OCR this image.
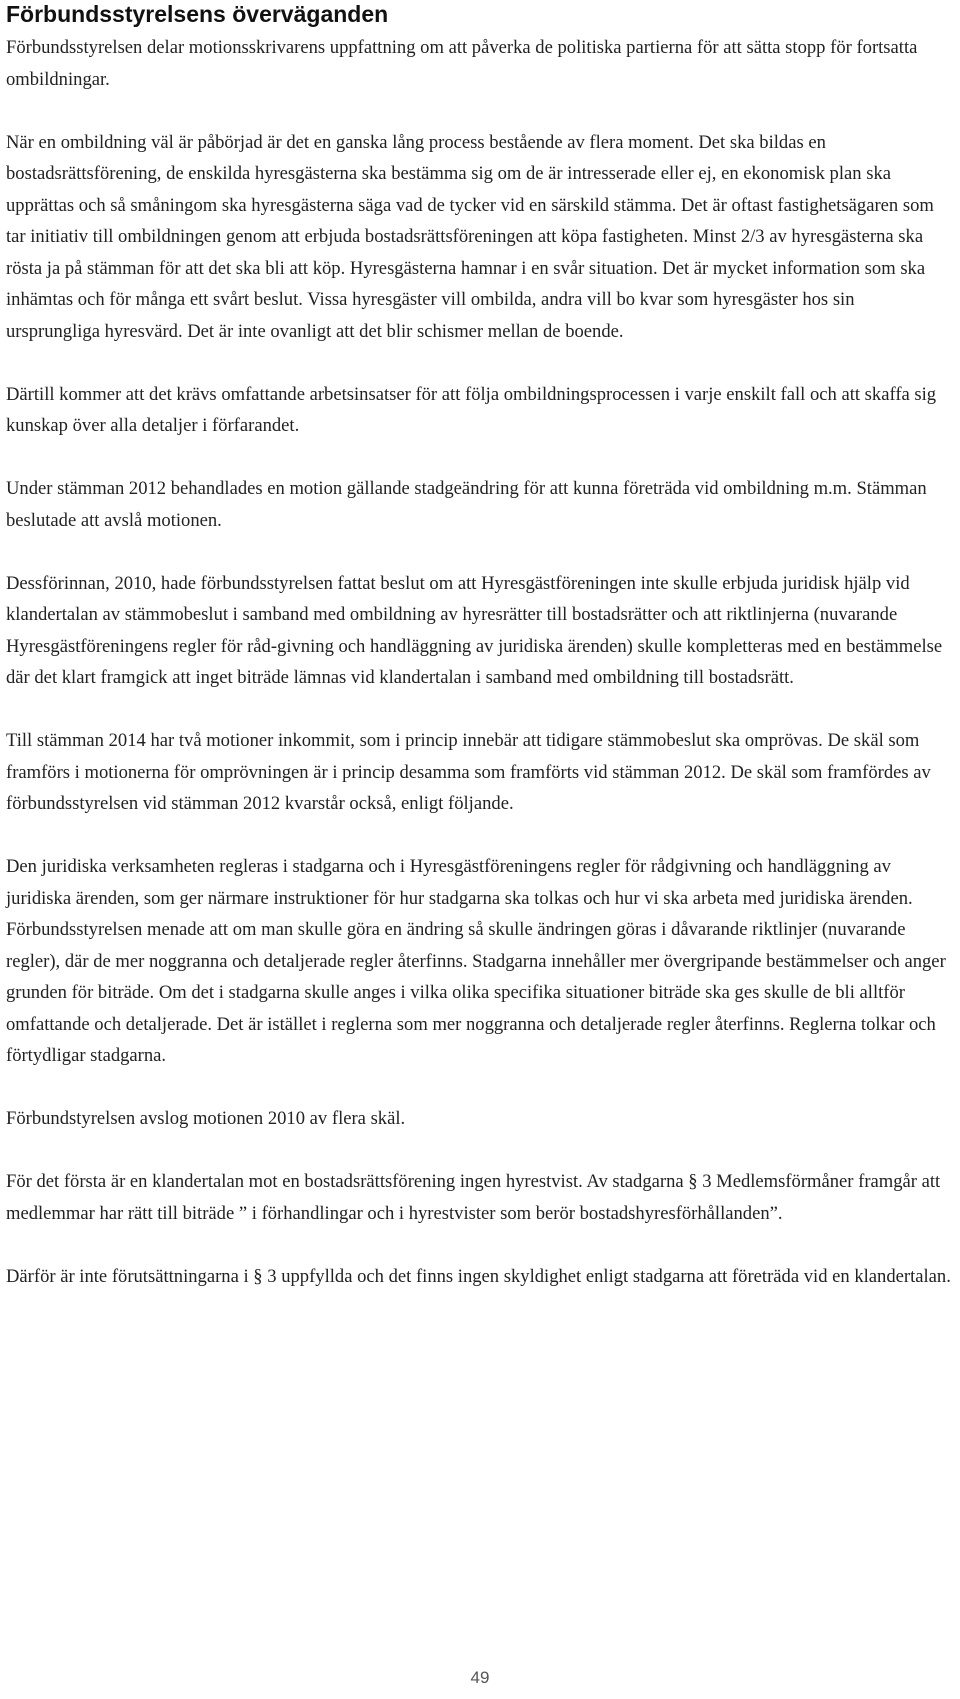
Förbundsstyrelsens överväganden

Förbundsstyrelsen delar motionsskrivarens uppfattning om att påverka de politiska partierna för att sätta stopp för fortsatta ombildningar.

När en ombildning väl är påbörjad är det en ganska lång process bestående av flera moment. Det ska bildas en bostadsrättsförening, de enskilda hyresgästerna ska bestämma sig om de är intresserade eller ej, en ekonomisk plan ska upprättas och så småningom ska hyresgästerna säga vad de tycker vid en särskild stämma. Det är oftast fastighetsägaren som tar initiativ till ombildningen genom att erbjuda bostadsrättsföreningen att köpa fastigheten. Minst 2/3 av hyresgästerna ska rösta ja på stämman för att det ska bli att köp. Hyresgästerna hamnar i en svår situation. Det är mycket information som ska inhämtas och för många ett svårt beslut. Vissa hyresgäster vill ombilda, andra vill bo kvar som hyresgäster hos sin ursprungliga hyresvärd. Det är inte ovanligt att det blir schismer mellan de boende.

Därtill kommer att det krävs omfattande arbetsinsatser för att följa ombildningsprocessen i varje enskilt fall och att skaffa sig kunskap över alla detaljer i förfarandet.

Under stämman 2012 behandlades en motion gällande stadgeändring för att kunna företräda vid ombildning m.m. Stämman beslutade att avslå motionen.

Dessförinnan, 2010, hade förbundsstyrelsen fattat beslut om att Hyresgästföreningen inte skulle erbjuda juridisk hjälp vid klandertalan av stämmobeslut i samband med ombildning av hyresrätter till bostadsrätter och att riktlinjerna (nuvarande Hyresgästföreningens regler för råd-givning och handläggning av juridiska ärenden) skulle kompletteras med en bestämmelse där det klart framgick att inget biträde lämnas vid klandertalan i samband med ombildning till bostadsrätt.

Till stämman 2014 har två motioner inkommit, som i princip innebär att tidigare stämmobeslut ska omprövas. De skäl som framförs i motionerna för omprövningen är i princip desamma som framförts vid stämman 2012. De skäl som framfördes av förbundsstyrelsen vid stämman 2012 kvarstår också, enligt följande.

Den juridiska verksamheten regleras i stadgarna och i Hyresgästföreningens regler för rådgivning och handläggning av juridiska ärenden, som ger närmare instruktioner för hur stadgarna ska tolkas och hur vi ska arbeta med juridiska ärenden. Förbundsstyrelsen menade att om man skulle göra en ändring så skulle ändringen göras i dåvarande riktlinjer (nuvarande regler), där de mer noggranna och detaljerade regler återfinns. Stadgarna innehåller mer övergripande bestämmelser och anger grunden för biträde. Om det i stadgarna skulle anges i vilka olika specifika situationer biträde ska ges skulle de bli alltför omfattande och detaljerade. Det är istället i reglerna som mer noggranna och detaljerade regler återfinns. Reglerna tolkar och förtydligar stadgarna.

Förbundstyrelsen avslog motionen 2010 av flera skäl.

För det första är en klandertalan mot en bostadsrättsförening ingen hyrestvist. Av stadgarna § 3 Medlemsförmåner framgår att medlemmar har rätt till biträde ” i förhandlingar och i hyrestvister som berör bostadshyresförhållanden”.

Därför är inte förutsättningarna i § 3 uppfyllda och det finns ingen skyldighet enligt stadgarna att företräda vid en klandertalan.

49
